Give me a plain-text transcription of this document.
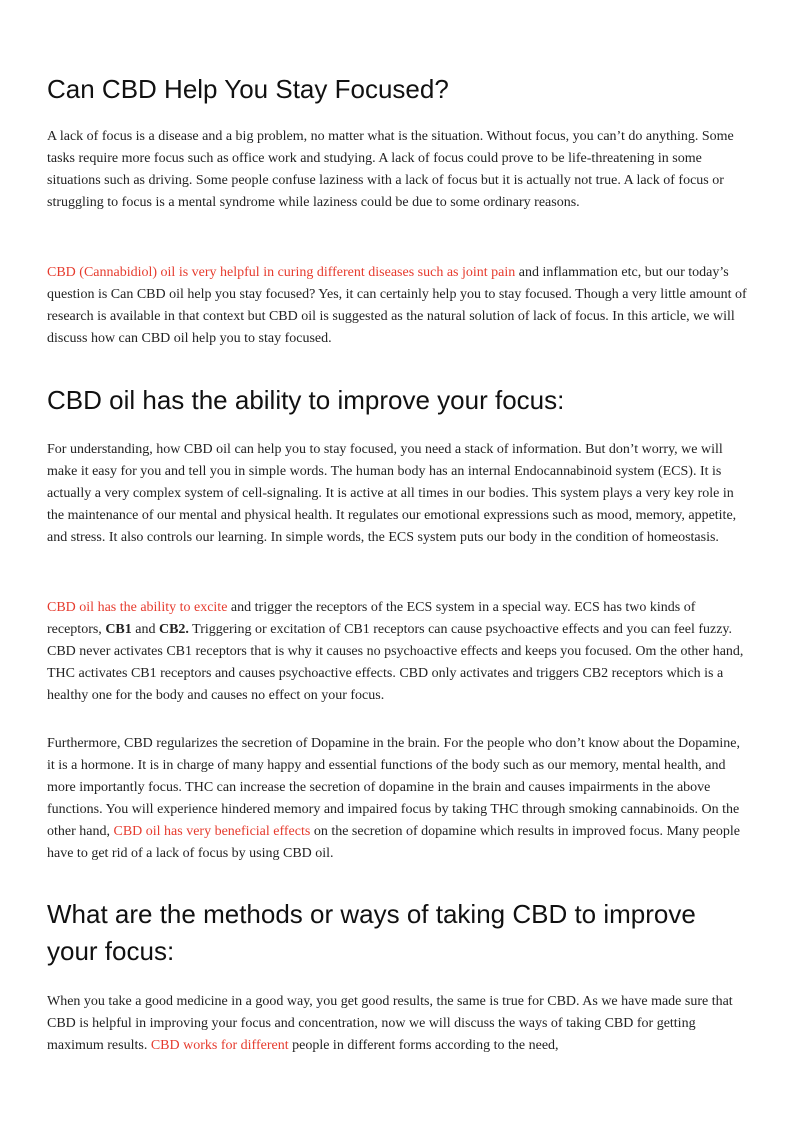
Can CBD Help You Stay Focused?

A lack of focus is a disease and a big problem, no matter what is the situation. Without focus, you can’t do anything. Some tasks require more focus such as office work and studying. A lack of focus could prove to be life-threatening in some situations such as driving. Some people confuse laziness with a lack of focus but it is actually not true. A lack of focus or struggling to focus is a mental syndrome while laziness could be due to some ordinary reasons.

CBD (Cannabidiol) oil is very helpful in curing different diseases such as joint pain and inflammation etc, but our today’s question is Can CBD oil help you stay focused? Yes, it can certainly help you to stay focused. Though a very little amount of research is available in that context but CBD oil is suggested as the natural solution of lack of focus. In this article, we will discuss how can CBD oil help you to stay focused.

CBD oil has the ability to improve your focus:

For understanding, how CBD oil can help you to stay focused, you need a stack of information. But don’t worry, we will make it easy for you and tell you in simple words. The human body has an internal Endocannabinoid system (ECS). It is actually a very complex system of cell-signaling. It is active at all times in our bodies. This system plays a very key role in the maintenance of our mental and physical health. It regulates our emotional expressions such as mood, memory, appetite, and stress. It also controls our learning. In simple words, the ECS system puts our body in the condition of homeostasis.

CBD oil has the ability to excite and trigger the receptors of the ECS system in a special way. ECS has two kinds of receptors, CB1 and CB2. Triggering or excitation of CB1 receptors can cause psychoactive effects and you can feel fuzzy. CBD never activates CB1 receptors that is why it causes no psychoactive effects and keeps you focused. Om the other hand, THC activates CB1 receptors and causes psychoactive effects. CBD only activates and triggers CB2 receptors which is a healthy one for the body and causes no effect on your focus.

Furthermore, CBD regularizes the secretion of Dopamine in the brain. For the people who don’t know about the Dopamine, it is a hormone. It is in charge of many happy and essential functions of the body such as our memory, mental health, and more importantly focus. THC can increase the secretion of dopamine in the brain and causes impairments in the above functions. You will experience hindered memory and impaired focus by taking THC through smoking cannabinoids. On the other hand, CBD oil has very beneficial effects on the secretion of dopamine which results in improved focus. Many people have to get rid of a lack of focus by using CBD oil.

What are the methods or ways of taking CBD to improve your focus:

When you take a good medicine in a good way, you get good results, the same is true for CBD. As we have made sure that CBD is helpful in improving your focus and concentration, now we will discuss the ways of taking CBD for getting maximum results. CBD works for different people in different forms according to the need,
